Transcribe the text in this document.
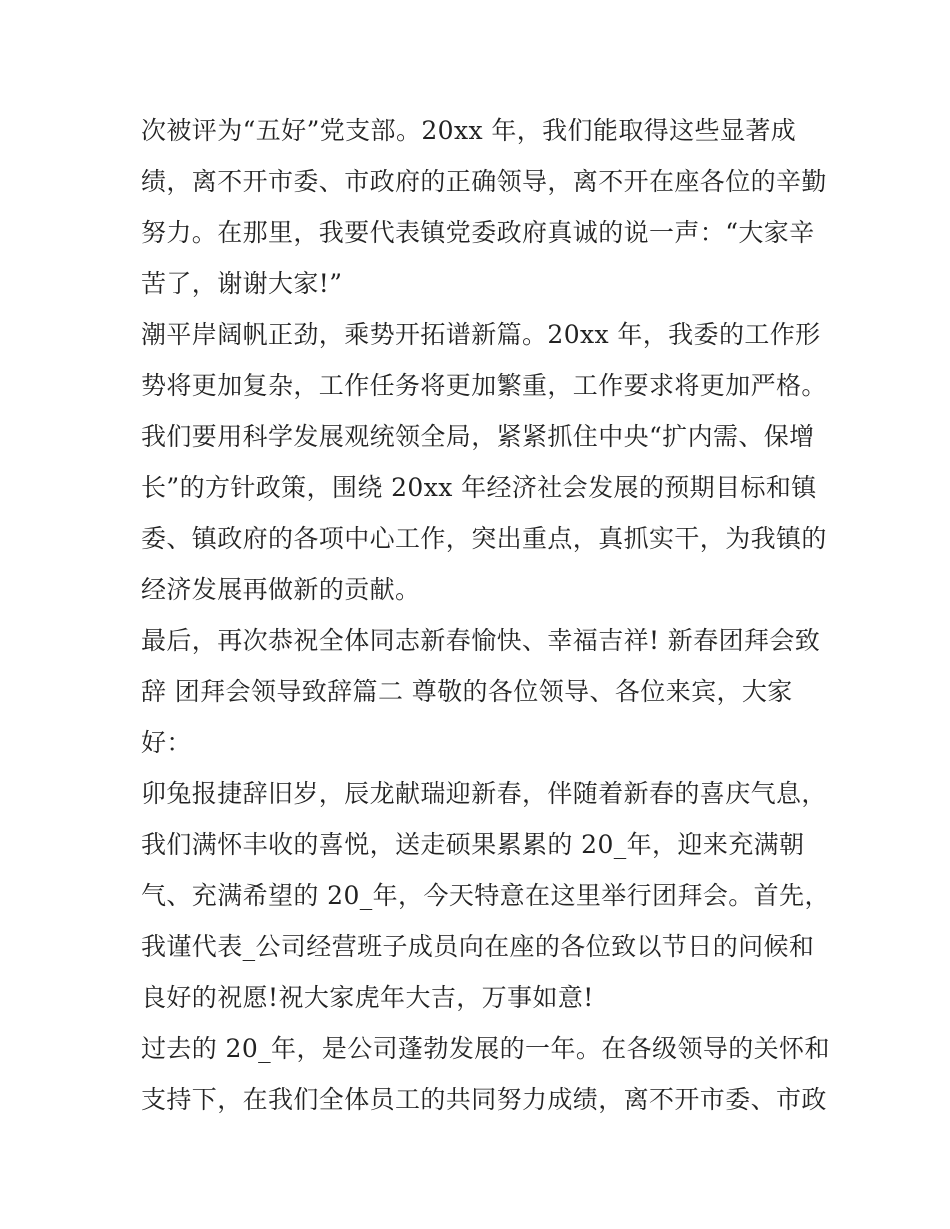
次被评为“五好”党支部。20xx 年，我们能取得这些显著成
绩，离不开市委、市政府的正确领导，离不开在座各位的辛勤
努力。在那里，我要代表镇党委政府真诚的说一声：“大家辛
苦了，谢谢大家!”
潮平岸阔帆正劲，乘势开拓谱新篇。20xx 年，我委的工作形
势将更加复杂，工作任务将更加繁重，工作要求将更加严格。
我们要用科学发展观统领全局，紧紧抓住中央“扩内需、保增
长”的方针政策，围绕 20xx 年经济社会发展的预期目标和镇
委、镇政府的各项中心工作，突出重点，真抓实干，为我镇的
经济发展再做新的贡献。
最后，再次恭祝全体同志新春愉快、幸福吉祥! 新春团拜会致
辞 团拜会领导致辞篇二 尊敬的各位领导、各位来宾，大家
好：
卯兔报捷辞旧岁，辰龙献瑞迎新春，伴随着新春的喜庆气息，
我们满怀丰收的喜悦，送走硕果累累的 20_年，迎来充满朝
气、充满希望的 20_年，今天特意在这里举行团拜会。首先，
我谨代表_公司经营班子成员向在座的各位致以节日的问候和
良好的祝愿!祝大家虎年大吉，万事如意!
过去的 20_年，是公司蓬勃发展的一年。在各级领导的关怀和
支持下，在我们全体员工的共同努力成绩，离不开市委、市政
